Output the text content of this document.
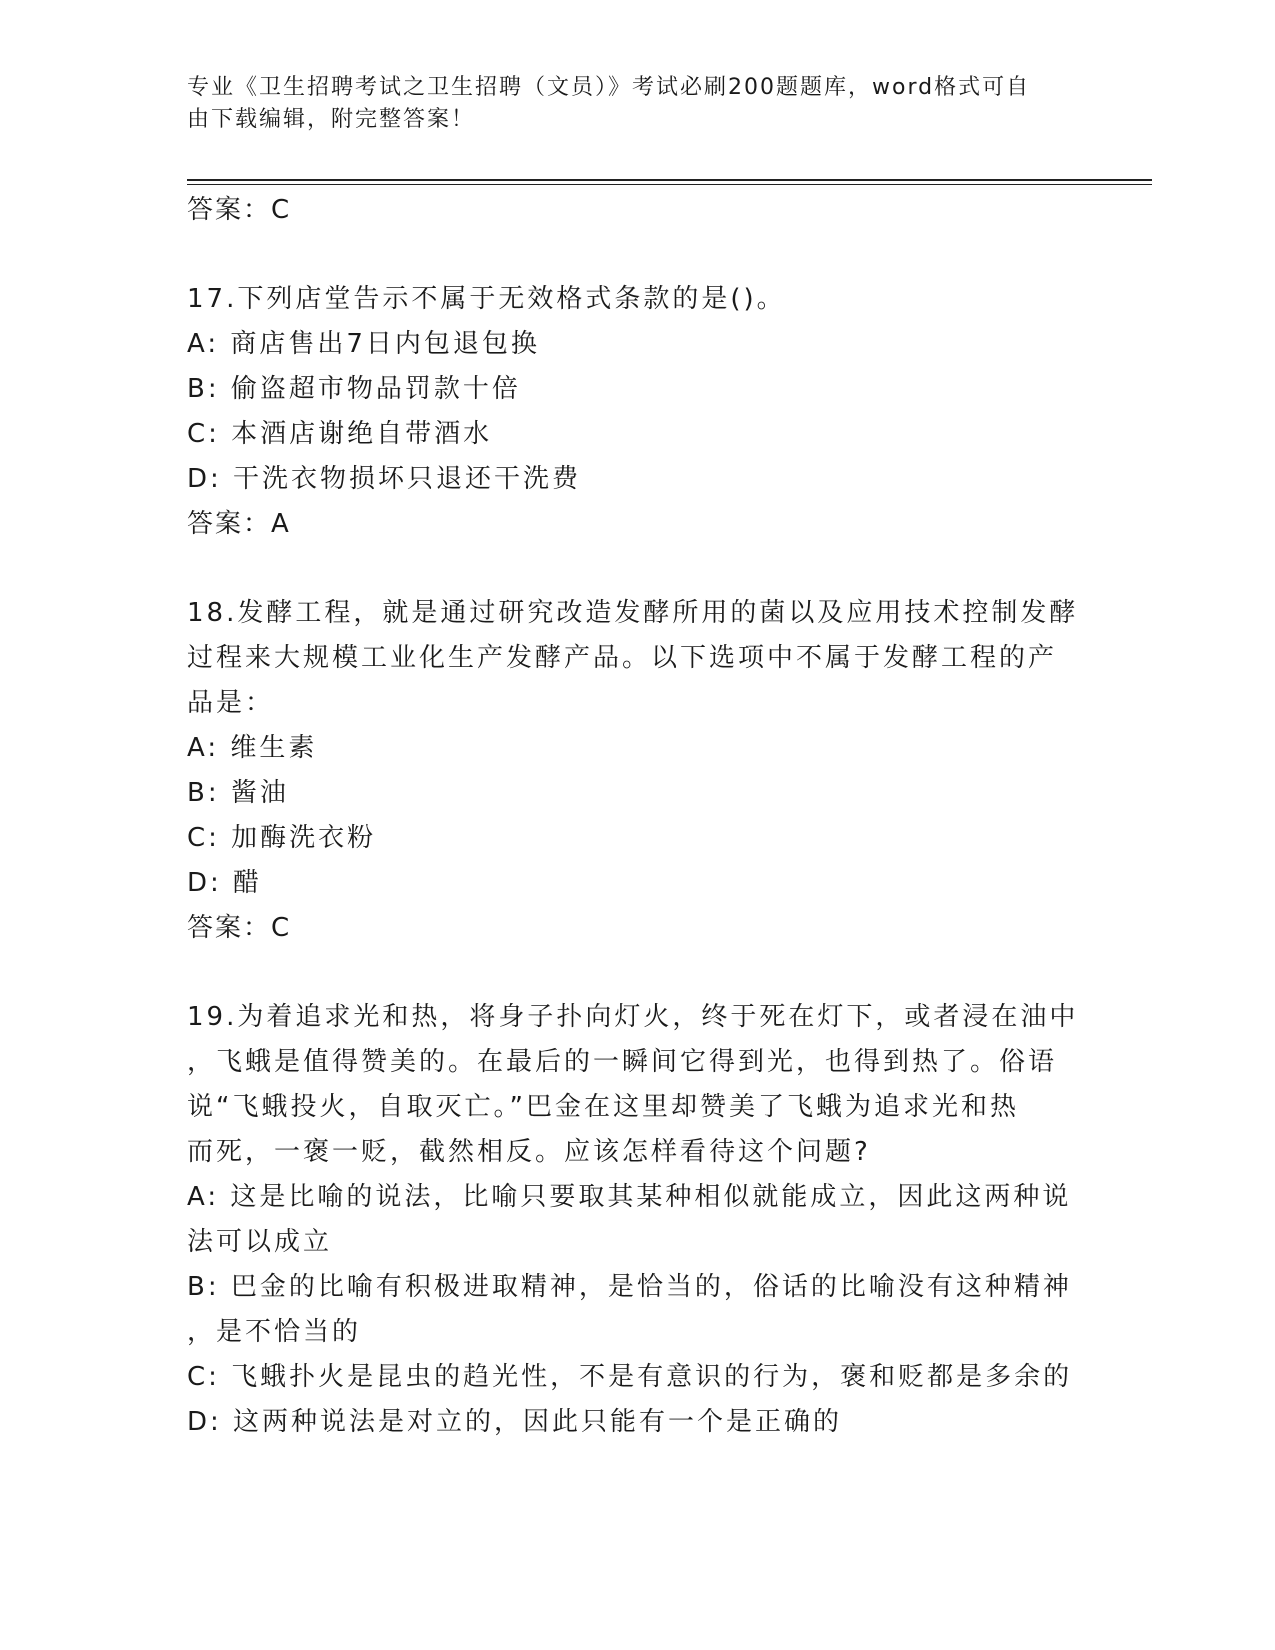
专业《卫生招聘考试之卫生招聘（文员）》考试必刷200题题库，word格式可自
由下载编辑，附完整答案！
答案：C
17.下列店堂告示不属于无效格式条款的是()。
A: 商店售出7日内包退包换
B: 偷盗超市物品罚款十倍
C: 本酒店谢绝自带酒水
D: 干洗衣物损坏只退还干洗费
答案：A
18.发酵工程，就是通过研究改造发酵所用的菌以及应用技术控制发酵
过程来大规模工业化生产发酵产品。以下选项中不属于发酵工程的产
品是：
A: 维生素
B: 酱油
C: 加酶洗衣粉
D: 醋
答案：C
19.为着追求光和热，将身子扑向灯火，终于死在灯下，或者浸在油中
，飞蛾是值得赞美的。在最后的一瞬间它得到光，也得到热了。俗语
说“飞蛾投火，自取灭亡。”巴金在这里却赞美了飞蛾为追求光和热
而死，一褒一贬，截然相反。应该怎样看待这个问题?
A: 这是比喻的说法，比喻只要取其某种相似就能成立，因此这两种说
法可以成立
B: 巴金的比喻有积极进取精神，是恰当的，俗话的比喻没有这种精神
，是不恰当的
C: 飞蛾扑火是昆虫的趋光性，不是有意识的行为，褒和贬都是多余的
D: 这两种说法是对立的，因此只能有一个是正确的
